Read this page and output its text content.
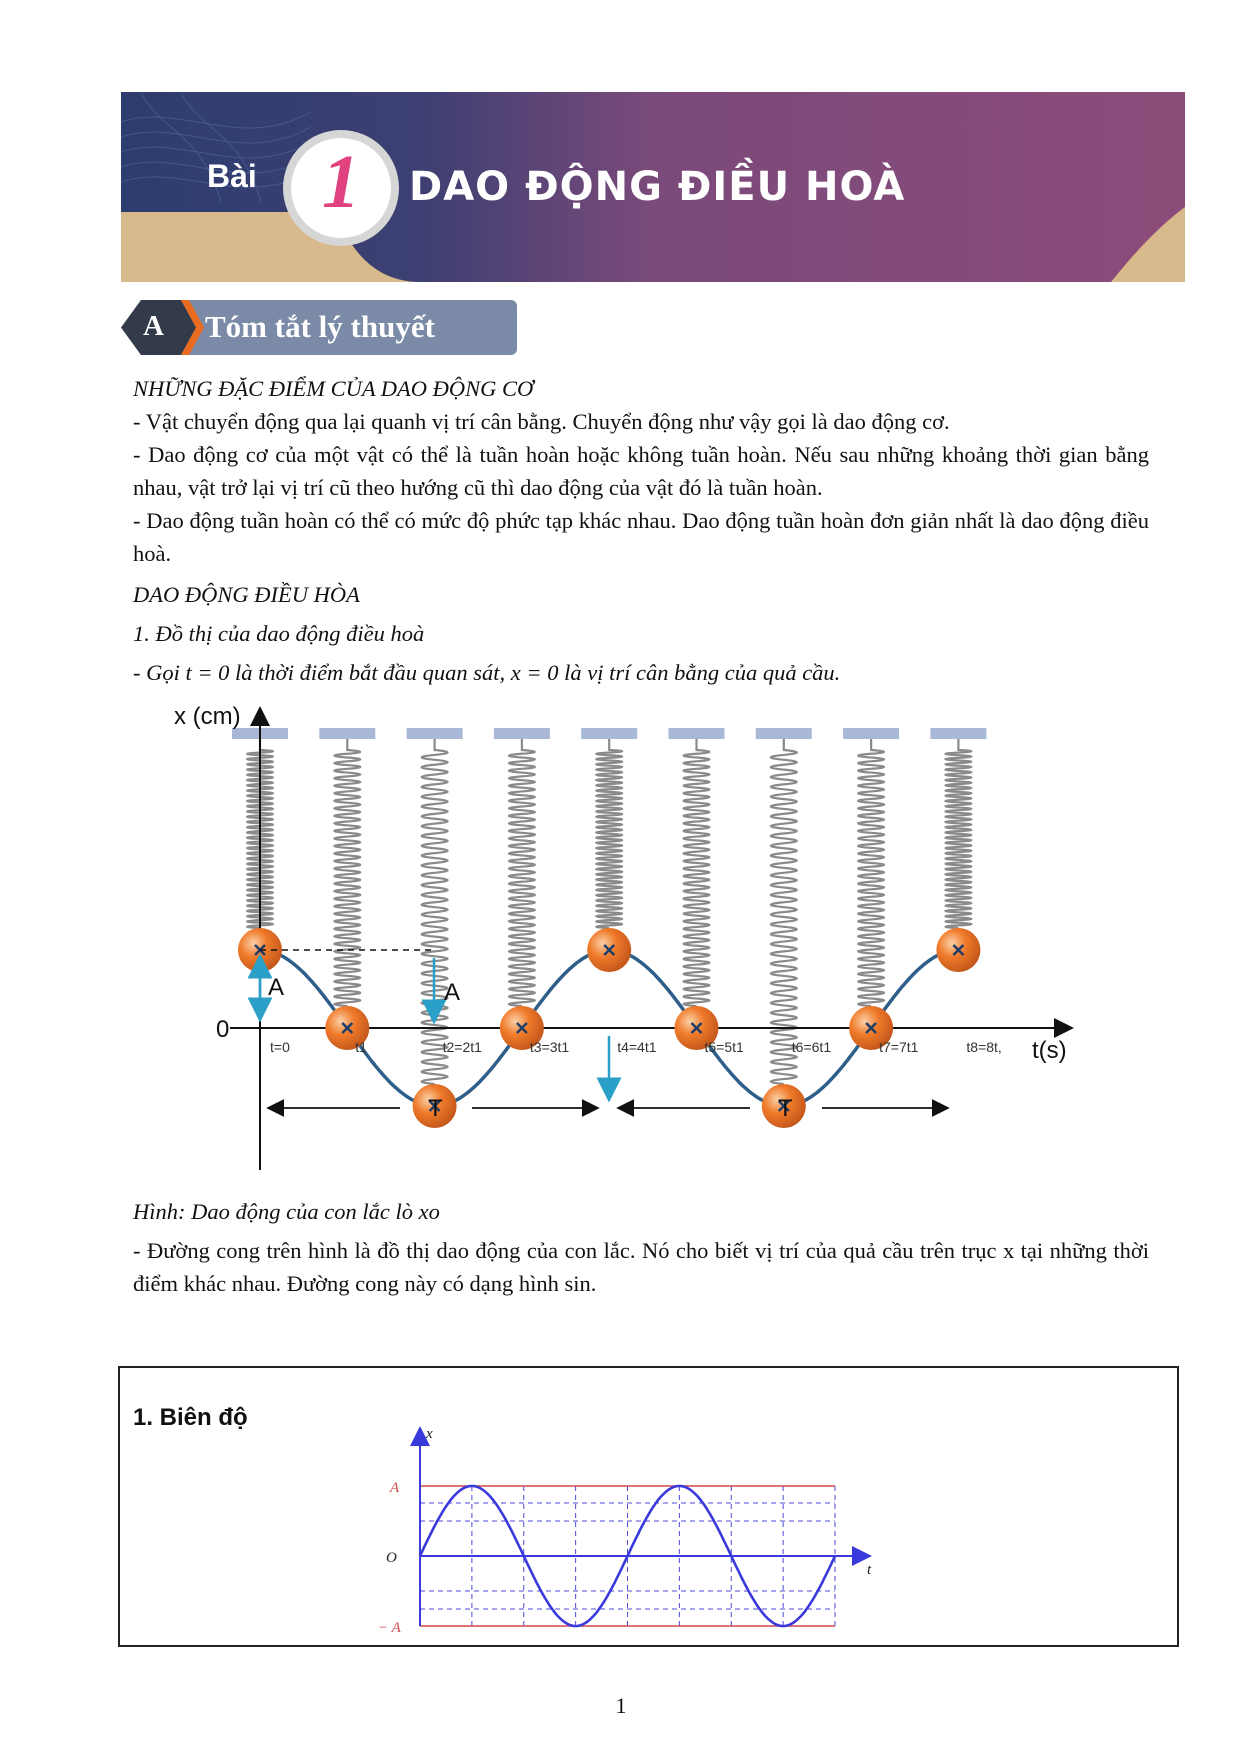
Bài 1	DAO ĐỘNG ĐIỀU HOÀ
A Tóm tắt lý thuyết

NHỮNG ĐẶC ĐIỂM CỦA DAO ĐỘNG CƠ

- Vật chuyển động qua lại quanh vị trí cân bằng. Chuyển động như vậy gọi là dao động cơ.

- Dao động cơ của một vật có thể là tuần hoàn hoặc không tuần hoàn. Nếu sau những khoảng thời gian bằng nhau, vật trở lại vị trí cũ theo hướng cũ thì dao động của vật đó là tuần hoàn.

- Dao động tuần hoàn có thể có mức độ phức tạp khác nhau. Dao động tuần hoàn đơn giản nhất là dao động điều hoà.

DAO ĐỘNG ĐIỀU HÒA

1. Đồ thị của dao động điều hoà

- Gọi t = 0 là thời điểm bắt đầu quan sát, x = 0 là vị trí cân bằng của quả cầu.

x (cm)
t(s)
0
A	A
T	T
t=0	t1	t2=2t1	t3=3t1	t4=4t1	t5=5t1	t6=6t1	t7=7t1	t8=8t,

Hình: Dao động của con lắc lò xo

- Đường cong trên hình là đồ thị dao động của con lắc. Nó cho biết vị trí của quả cầu trên trục x tại những thời điểm khác nhau. Đường cong này có dạng hình sin.

1. Biên độ
x
t
A
O
− A
1
